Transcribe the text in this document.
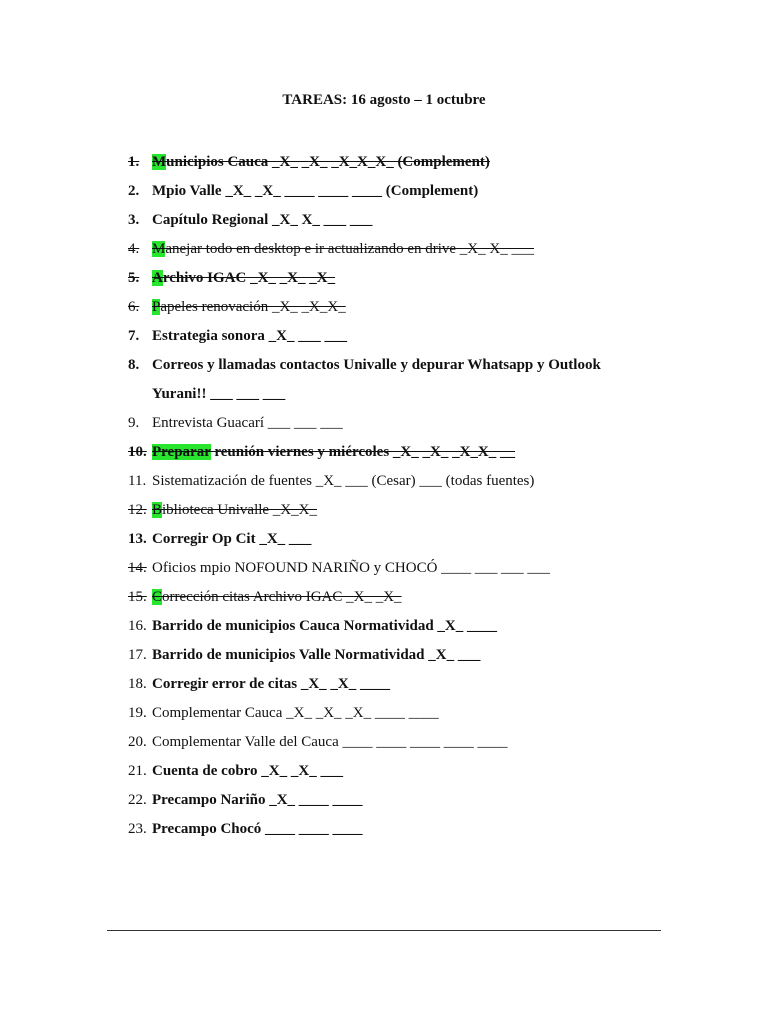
TAREAS: 16 agosto – 1 octubre
1. Municipios Cauca _X_ _X_ _X_X_X_ (Complement)
2. Mpio Valle _X_ _X_ ____ ____ ____ (Complement)
3. Capítulo Regional _X_ X_ ___ ___
4. Manejar todo en desktop e ir actualizando en drive _X_ X_ ___
5. Archivo IGAC _X_ _X_ _X_
6. Papeles renovación _X_ _X_X_
7. Estrategia sonora _X_ ___ ___
8. Correos y llamadas contactos Univalle y depurar Whatsapp y Outlook
Yurani!! ___ ___ ___
9. Entrevista Guacarí ___ ___ ___
10. Preparar reunión viernes y miércoles _X_ _X_ _X_X_ __
11. Sistematización de fuentes _X_ ___ (Cesar) ___ (todas fuentes)
12. Biblioteca Univalle _X_X_
13. Corregir Op Cit _X_ ___
14. Oficios mpio NOFOUND NARIÑO y CHOCÓ ____ ___ ___ ___
15. Corrección citas Archivo IGAC _X_ _X_
16. Barrido de municipios Cauca Normatividad _X_ ____
17. Barrido de municipios Valle Normatividad _X_ ___
18. Corregir error de citas _X_ _X_ ____
19. Complementar Cauca _X_ _X_ _X_ ____ ____
20. Complementar Valle del Cauca ____ ____ ____ ____ ____
21. Cuenta de cobro _X_ _X_ ___
22. Precampo Nariño _X_ ____ ____
23. Precampo Chocó ____ ____ ____
